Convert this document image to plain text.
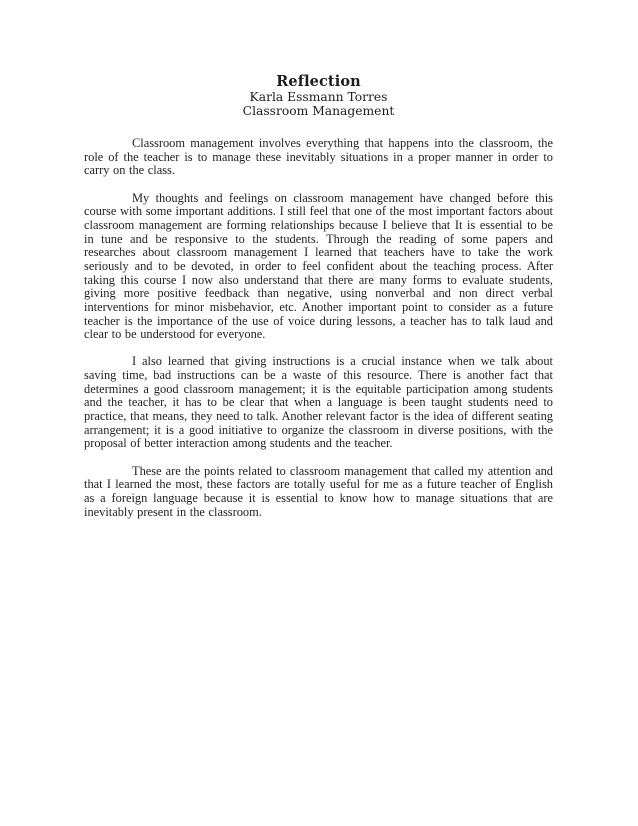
Reflection
Karla Essmann Torres
Classroom Management

Classroom management involves everything that happens into the classroom, the role of the teacher is to manage these inevitably situations in a proper manner in order to carry on the class.

My thoughts and feelings on classroom management have changed before this course with some important additions. I still feel that one of the most important factors about classroom management are forming relationships because I believe that It is essential to be in tune and be responsive to the students. Through the reading of some papers and researches about classroom management I learned that teachers have to take the work seriously and to be devoted, in order to feel confident about the teaching process. After taking this course I now also understand that there are many forms to evaluate students, giving more positive feedback than negative, using nonverbal and non direct verbal interventions for minor misbehavior, etc. Another important point to consider as a future teacher is the importance of the use of voice during lessons, a teacher has to talk laud and clear to be understood for everyone.

I also learned that giving instructions is a crucial instance when we talk about saving time, bad instructions can be a waste of this resource. There is another fact that determines a good classroom management; it is the equitable participation among students and the teacher, it has to be clear that when a language is been taught students need to practice, that means, they need to talk. Another relevant factor is the idea of different seating arrangement; it is a good initiative to organize the classroom in diverse positions, with the proposal of better interaction among students and the teacher.

These are the points related to classroom management that called my attention and that I learned the most, these factors are totally useful for me as a future teacher of English as a foreign language because it is essential to know how to manage situations that are inevitably present in the classroom.
